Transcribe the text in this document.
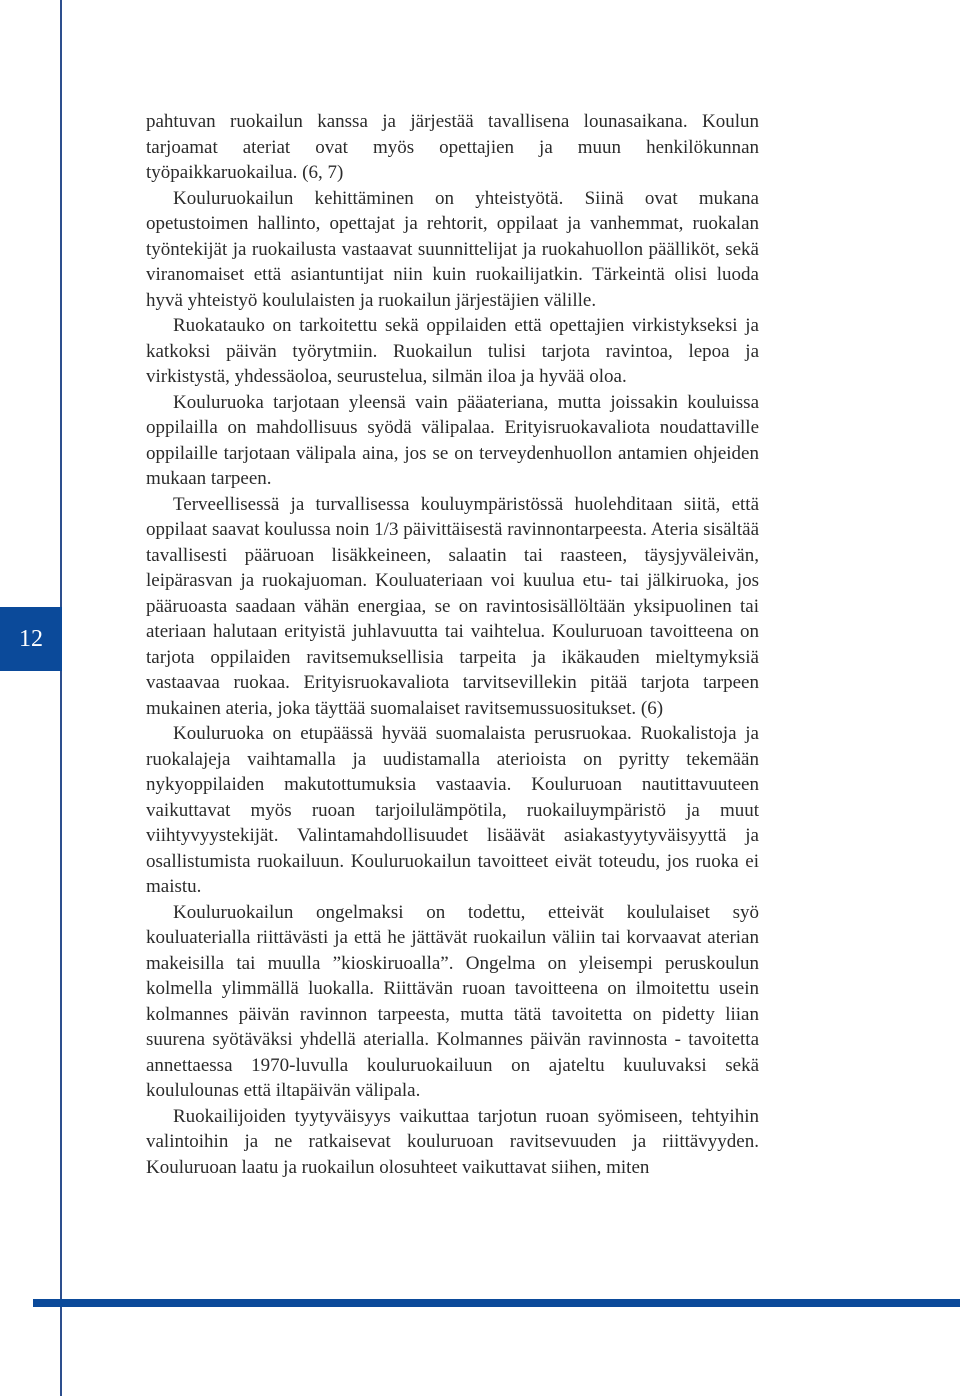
12

pahtuvan ruokailun kanssa ja järjestää tavallisena lounasaikana. Koulun tarjoamat ateriat ovat myös opettajien ja muun henkilökunnan työpaikkaruokailua. (6, 7)

Kouluruokailun kehittäminen on yhteistyötä. Siinä ovat mukana opetustoimen hallinto, opettajat ja rehtorit, oppilaat ja vanhemmat, ruokalan työntekijät ja ruokailusta vastaavat suunnittelijat ja ruokahuollon päälliköt, sekä viranomaiset että asiantuntijat niin kuin ruokailijatkin. Tärkeintä olisi luoda hyvä yhteistyö koululaisten ja ruokailun järjestäjien välille.

Ruokatauko on tarkoitettu sekä oppilaiden että opettajien virkistykseksi ja katkoksi päivän työrytmiin. Ruokailun tulisi tarjota ravintoa, lepoa ja virkistystä, yhdessäoloa, seurustelua, silmän iloa ja hyvää oloa.

Kouluruoka tarjotaan yleensä vain pääateriana, mutta joissakin kouluissa oppilailla on mahdollisuus syödä välipalaa. Erityisruokavaliota noudattaville oppilaille tarjotaan välipala aina, jos se on terveydenhuollon antamien ohjeiden mukaan tarpeen.

Terveellisessä ja turvallisessa kouluympäristössä huolehditaan siitä, että oppilaat saavat koulussa noin 1/3 päivittäisestä ravinnontarpeesta. Ateria sisältää tavallisesti pääruoan lisäkkeineen, salaatin tai raasteen, täysjyväleivän, leipärasvan ja ruokajuoman. Kouluateriaan voi kuulua etu- tai jälkiruoka, jos pääruoasta saadaan vähän energiaa, se on ravintosisällöltään yksipuolinen tai ateriaan halutaan erityistä juhlavuutta tai vaihtelua. Kouluruoan tavoitteena on tarjota oppilaiden ravitsemuksellisia tarpeita ja ikäkauden mieltymyksiä vastaavaa ruokaa. Erityisruokavaliota tarvitsevillekin pitää tarjota tarpeen mukainen ateria, joka täyttää suomalaiset ravitsemussuositukset. (6)

Kouluruoka on etupäässä hyvää suomalaista perusruokaa. Ruokalistoja ja ruokalajeja vaihtamalla ja uudistamalla aterioista on pyritty tekemään nykyoppilaiden makutottumuksia vastaavia. Kouluruoan nautittavuuteen vaikuttavat myös ruoan tarjoilulämpötila, ruokailuympäristö ja muut viihtyvyystekijät. Valintamahdollisuudet lisäävät asiakastyytyväisyyttä ja osallistumista ruokailuun. Kouluruokailun tavoitteet eivät toteudu, jos ruoka ei maistu.

Kouluruokailun ongelmaksi on todettu, etteivät koululaiset syö kouluaterialla riittävästi ja että he jättävät ruokailun väliin tai korvaavat aterian makeisilla tai muulla ”kioskiruoalla”. Ongelma on yleisempi peruskoulun kolmella ylimmällä luokalla. Riittävän ruoan tavoitteena on ilmoitettu usein kolmannes päivän ravinnon tarpeesta, mutta tätä tavoitetta on pidetty liian suurena syötäväksi yhdellä aterialla. Kolmannes päivän ravinnosta - tavoitetta annettaessa 1970-luvulla kouluruokailuun on ajateltu kuuluvaksi sekä koululounas että iltapäivän välipala.

Ruokailijoiden tyytyväisyys vaikuttaa tarjotun ruoan syömiseen, tehtyihin valintoihin ja ne ratkaisevat kouluruoan ravitsevuuden ja riittävyyden. Kouluruoan laatu ja ruokailun olosuhteet vaikuttavat siihen, miten
